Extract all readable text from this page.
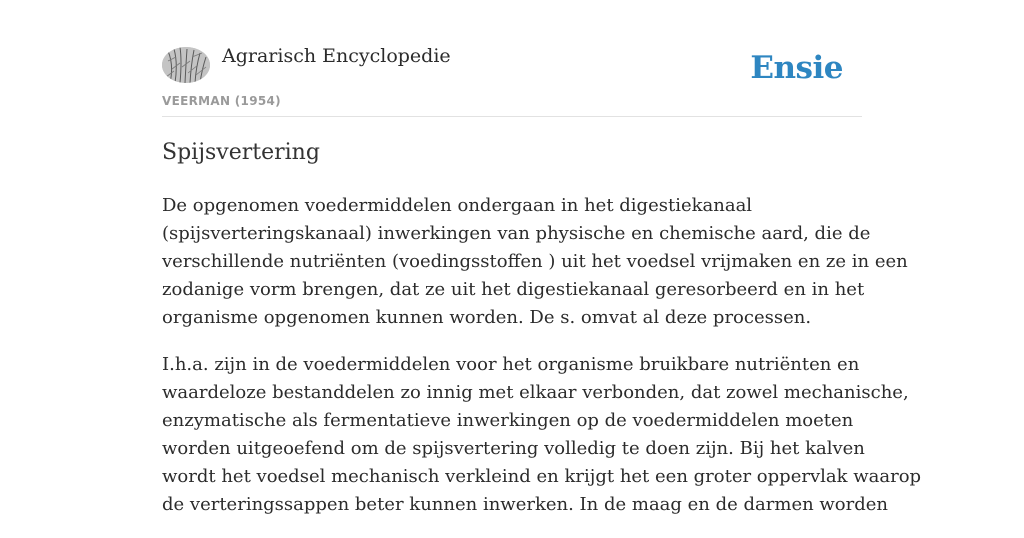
Agrarisch Encyclopedie
VEERMAN (1954)
Ensie
Spijsvertering

De opgenomen voedermiddelen ondergaan in het digestiekanaal
(spijsverteringskanaal) inwerkingen van physische en chemische aard, die de
verschillende nutriënten (voedingsstoffen ) uit het voedsel vrijmaken en ze in een
zodanige vorm brengen, dat ze uit het digestiekanaal geresorbeerd en in het
organisme opgenomen kunnen worden. De s. omvat al deze processen.

I.h.a. zijn in de voedermiddelen voor het organisme bruikbare nutriënten en
waardeloze bestanddelen zo innig met elkaar verbonden, dat zowel mechanische,
enzymatische als fermentatieve inwerkingen op de voedermiddelen moeten
worden uitgeoefend om de spijsvertering volledig te doen zijn. Bij het kalven
wordt het voedsel mechanisch verkleind en krijgt het een groter oppervlak waarop
de verteringssappen beter kunnen inwerken. In de maag en de darmen worden
